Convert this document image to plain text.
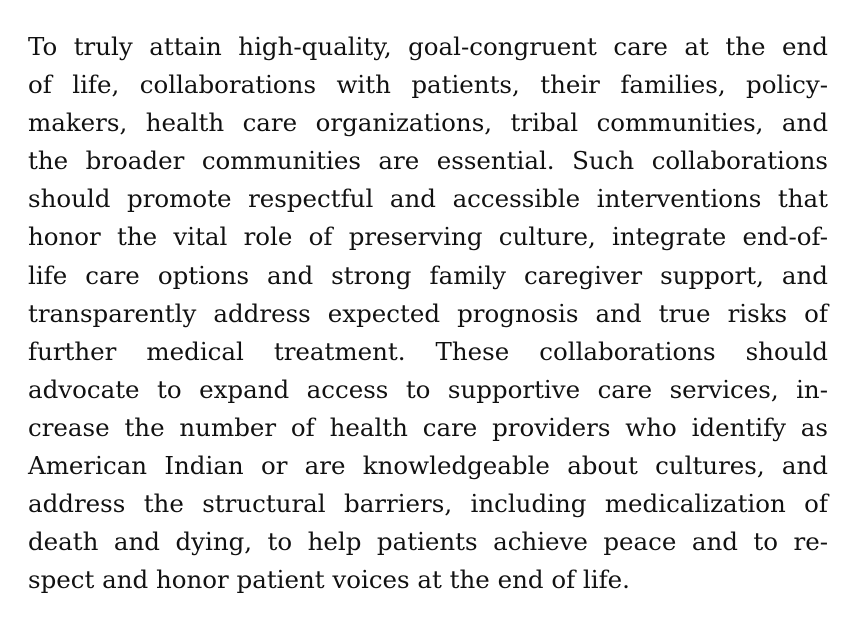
To truly attain high-quality, goal-congruent care at the end
of life, collaborations with patients, their families, policy-
makers, health care organizations, tribal communities, and
the broader communities are essential. Such collaborations
should promote respectful and accessible interventions that
honor the vital role of preserving culture, integrate end-of-
life care options and strong family caregiver support, and
transparently address expected prognosis and true risks of
further medical treatment. These collaborations should
advocate to expand access to supportive care services, in-
crease the number of health care providers who identify as
American Indian or are knowledgeable about cultures, and
address the structural barriers, including medicalization of
death and dying, to help patients achieve peace and to re-
spect and honor patient voices at the end of life.
